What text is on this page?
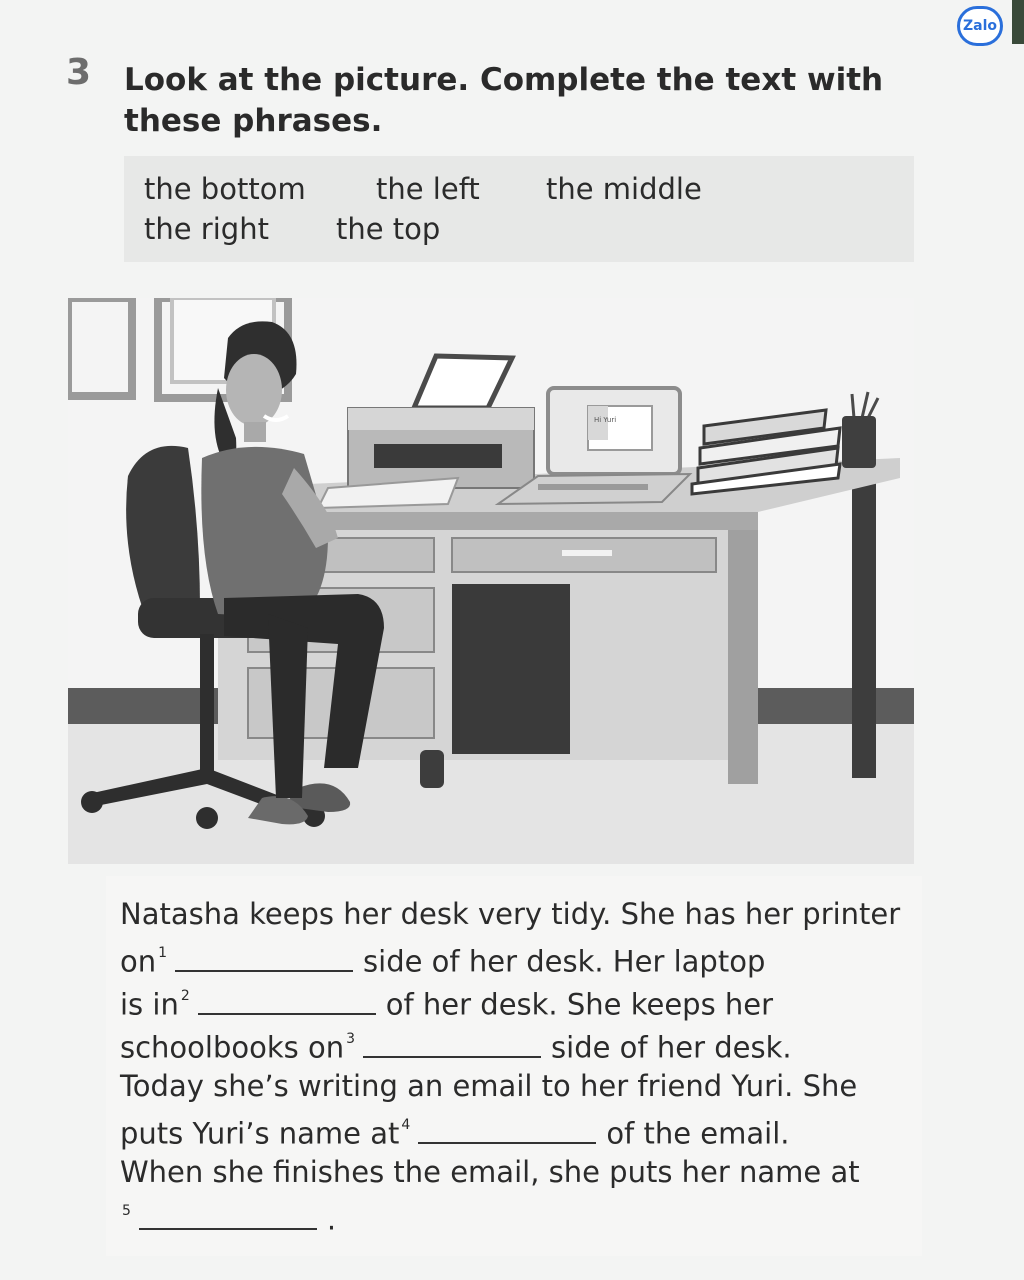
Zalo
3 Look at the picture. Complete the text with
these phrases.
the bottom the left the middle
the right the top
Hi Yuri
Natasha keeps her desk very tidy. She has her printer
on $^1$	side of her desk. Her laptop
is in $^2$	of her desk. She keeps her
schoolbooks on $^3$	side of her desk.
Today she’s writing an email to her friend Yuri. She
puts Yuri’s name at $^4$	of the email.
When she finishes the email, she puts her name at
$^5$	.
